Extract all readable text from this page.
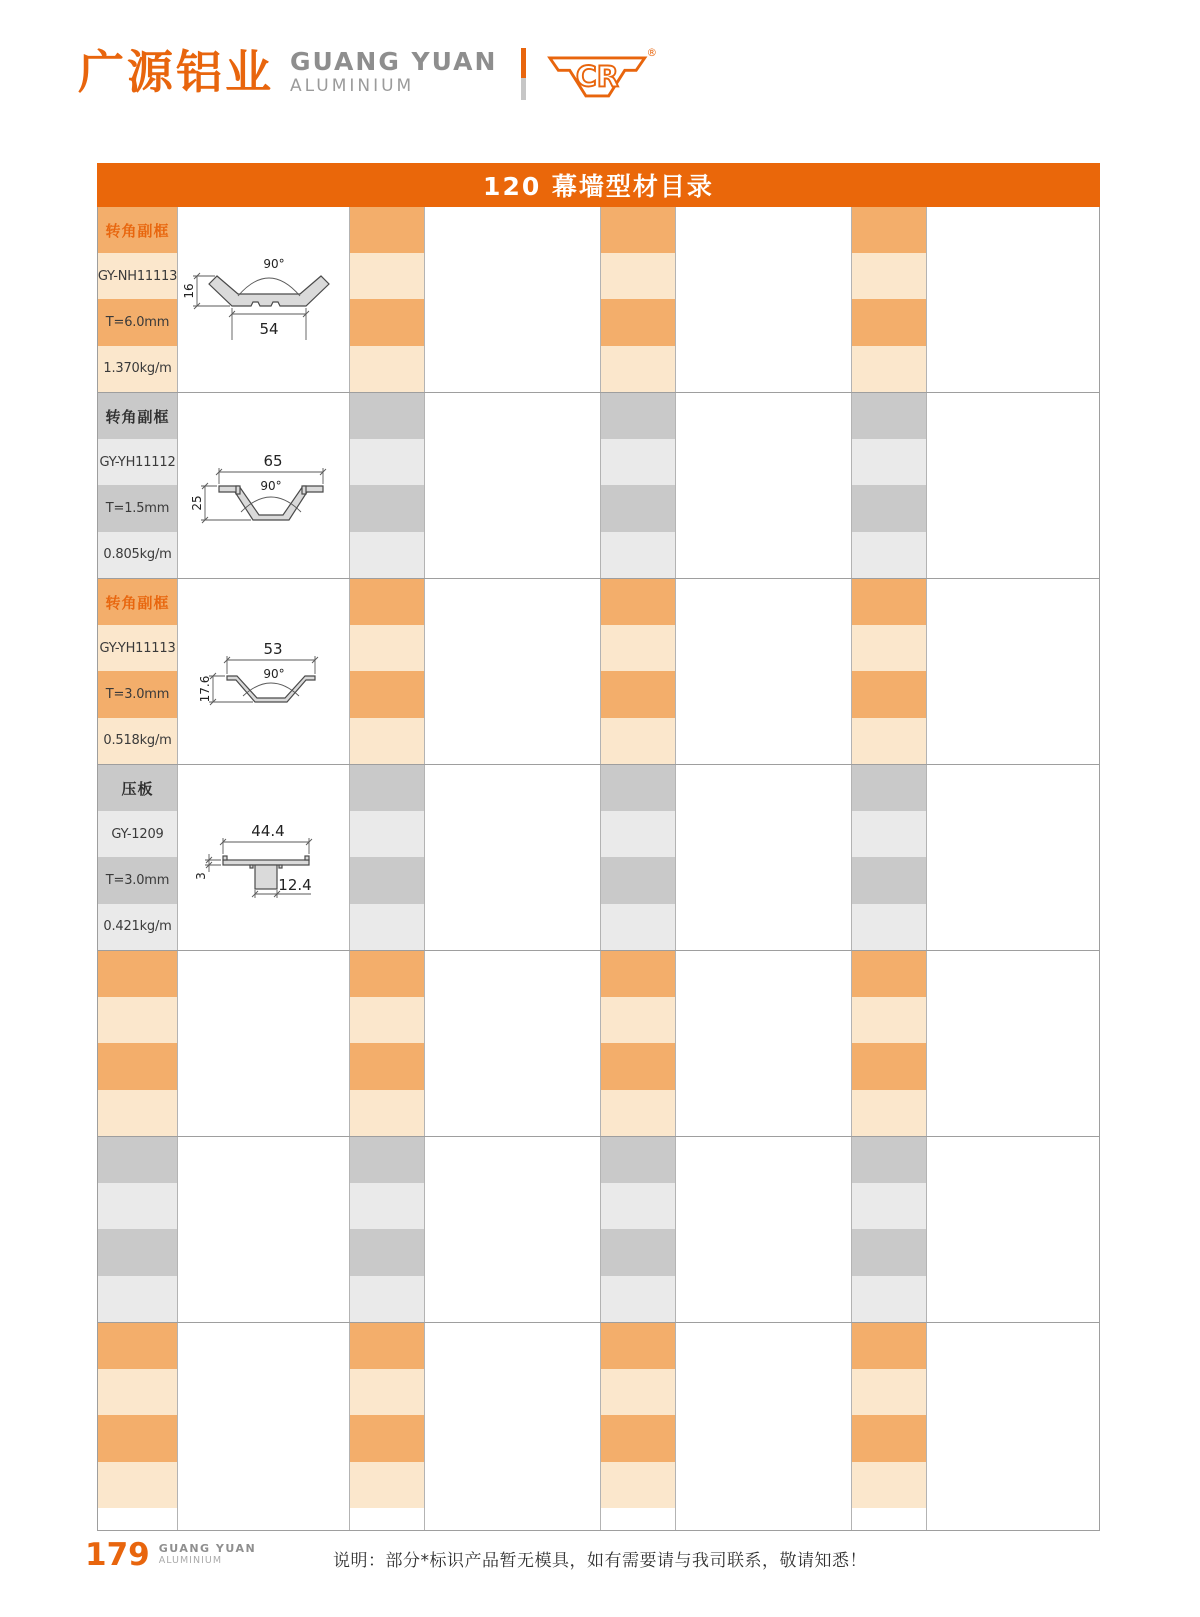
广源铝业 GUANG YUAN
ALUMINIUM	CR
®
120 幕墙型材目录
转角副框
GY-NH11113
T=6.0mm
1.370kg/m
90°
16
54
转角副框
GY-YH11112
T=1.5mm
0.805kg/m
90°
65
25
转角副框
GY-YH11113
T=3.0mm
0.518kg/m
90°
53
17.6
压板
GY-1209
T=3.0mm
0.421kg/m
44.4
3	12.4
179 GUANG YUAN
ALUMINIUM	说明：部分*标识产品暂无模具，如有需要请与我司联系，敬请知悉！
